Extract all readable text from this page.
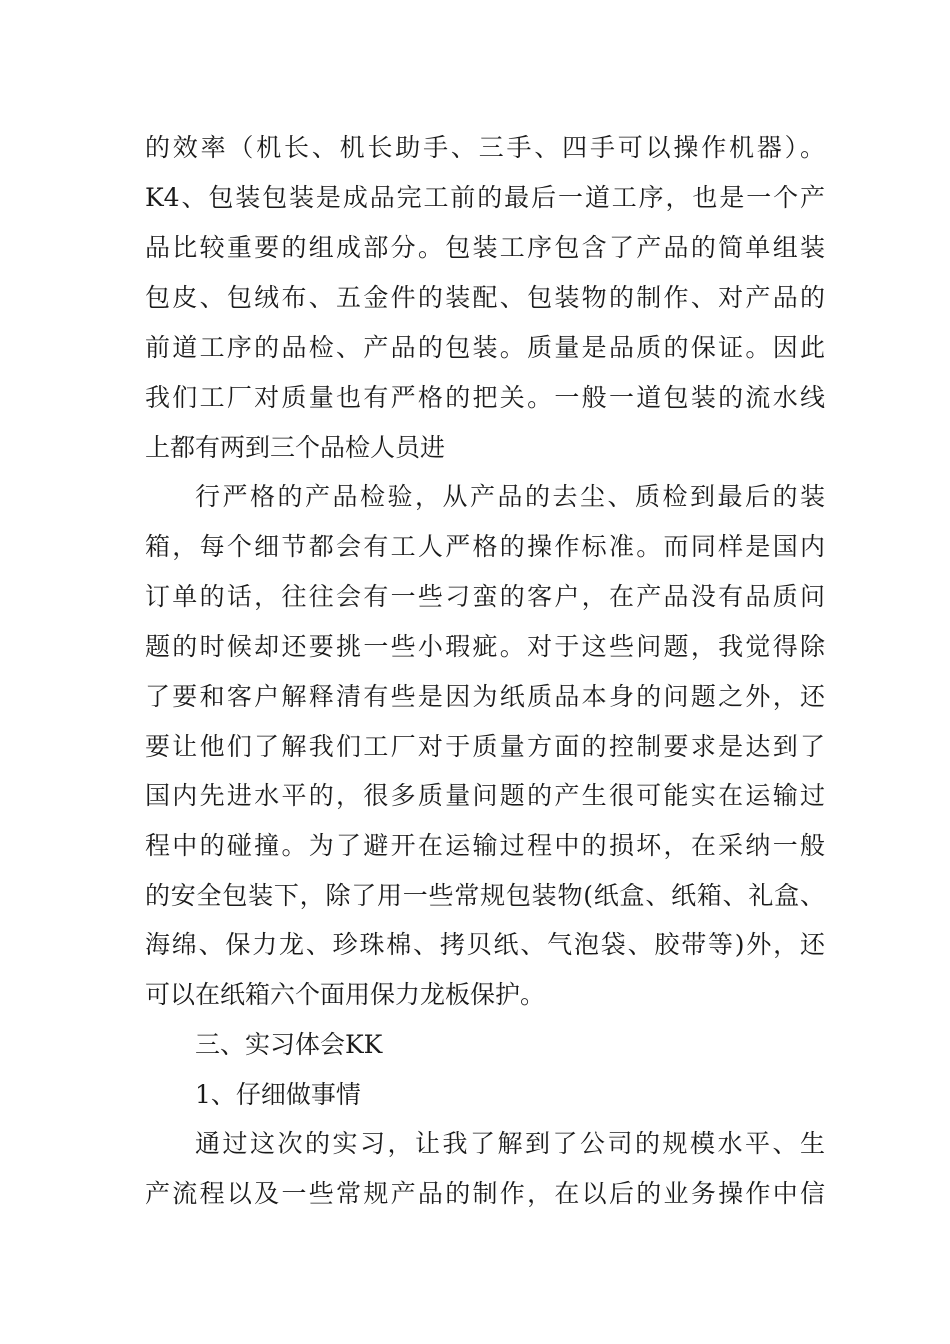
的效率（机长、机长助手、三手、四手可以操作机器）。
K4、包装包装是成品完工前的最后一道工序，也是一个产
品比较重要的组成部分。包装工序包含了产品的简单组装
包皮、包绒布、五金件的装配、包装物的制作、对产品的
前道工序的品检、产品的包装。质量是品质的保证。因此
我们工厂对质量也有严格的把关。一般一道包装的流水线
上都有两到三个品检人员进
行严格的产品检验，从产品的去尘、质检到最后的装
箱，每个细节都会有工人严格的操作标准。而同样是国内
订单的话，往往会有一些刁蛮的客户，在产品没有品质问
题的时候却还要挑一些小瑕疵。对于这些问题，我觉得除
了要和客户解释清有些是因为纸质品本身的问题之外，还
要让他们了解我们工厂对于质量方面的控制要求是达到了
国内先进水平的，很多质量问题的产生很可能实在运输过
程中的碰撞。为了避开在运输过程中的损坏，在采纳一般
的安全包装下，除了用一些常规包装物(纸盒、纸箱、礼盒、
海绵、保力龙、珍珠棉、拷贝纸、气泡袋、胶带等)外，还
可以在纸箱六个面用保力龙板保护。
三、实习体会KK
1、仔细做事情
通过这次的实习，让我了解到了公司的规模水平、生
产流程以及一些常规产品的制作，在以后的业务操作中信
